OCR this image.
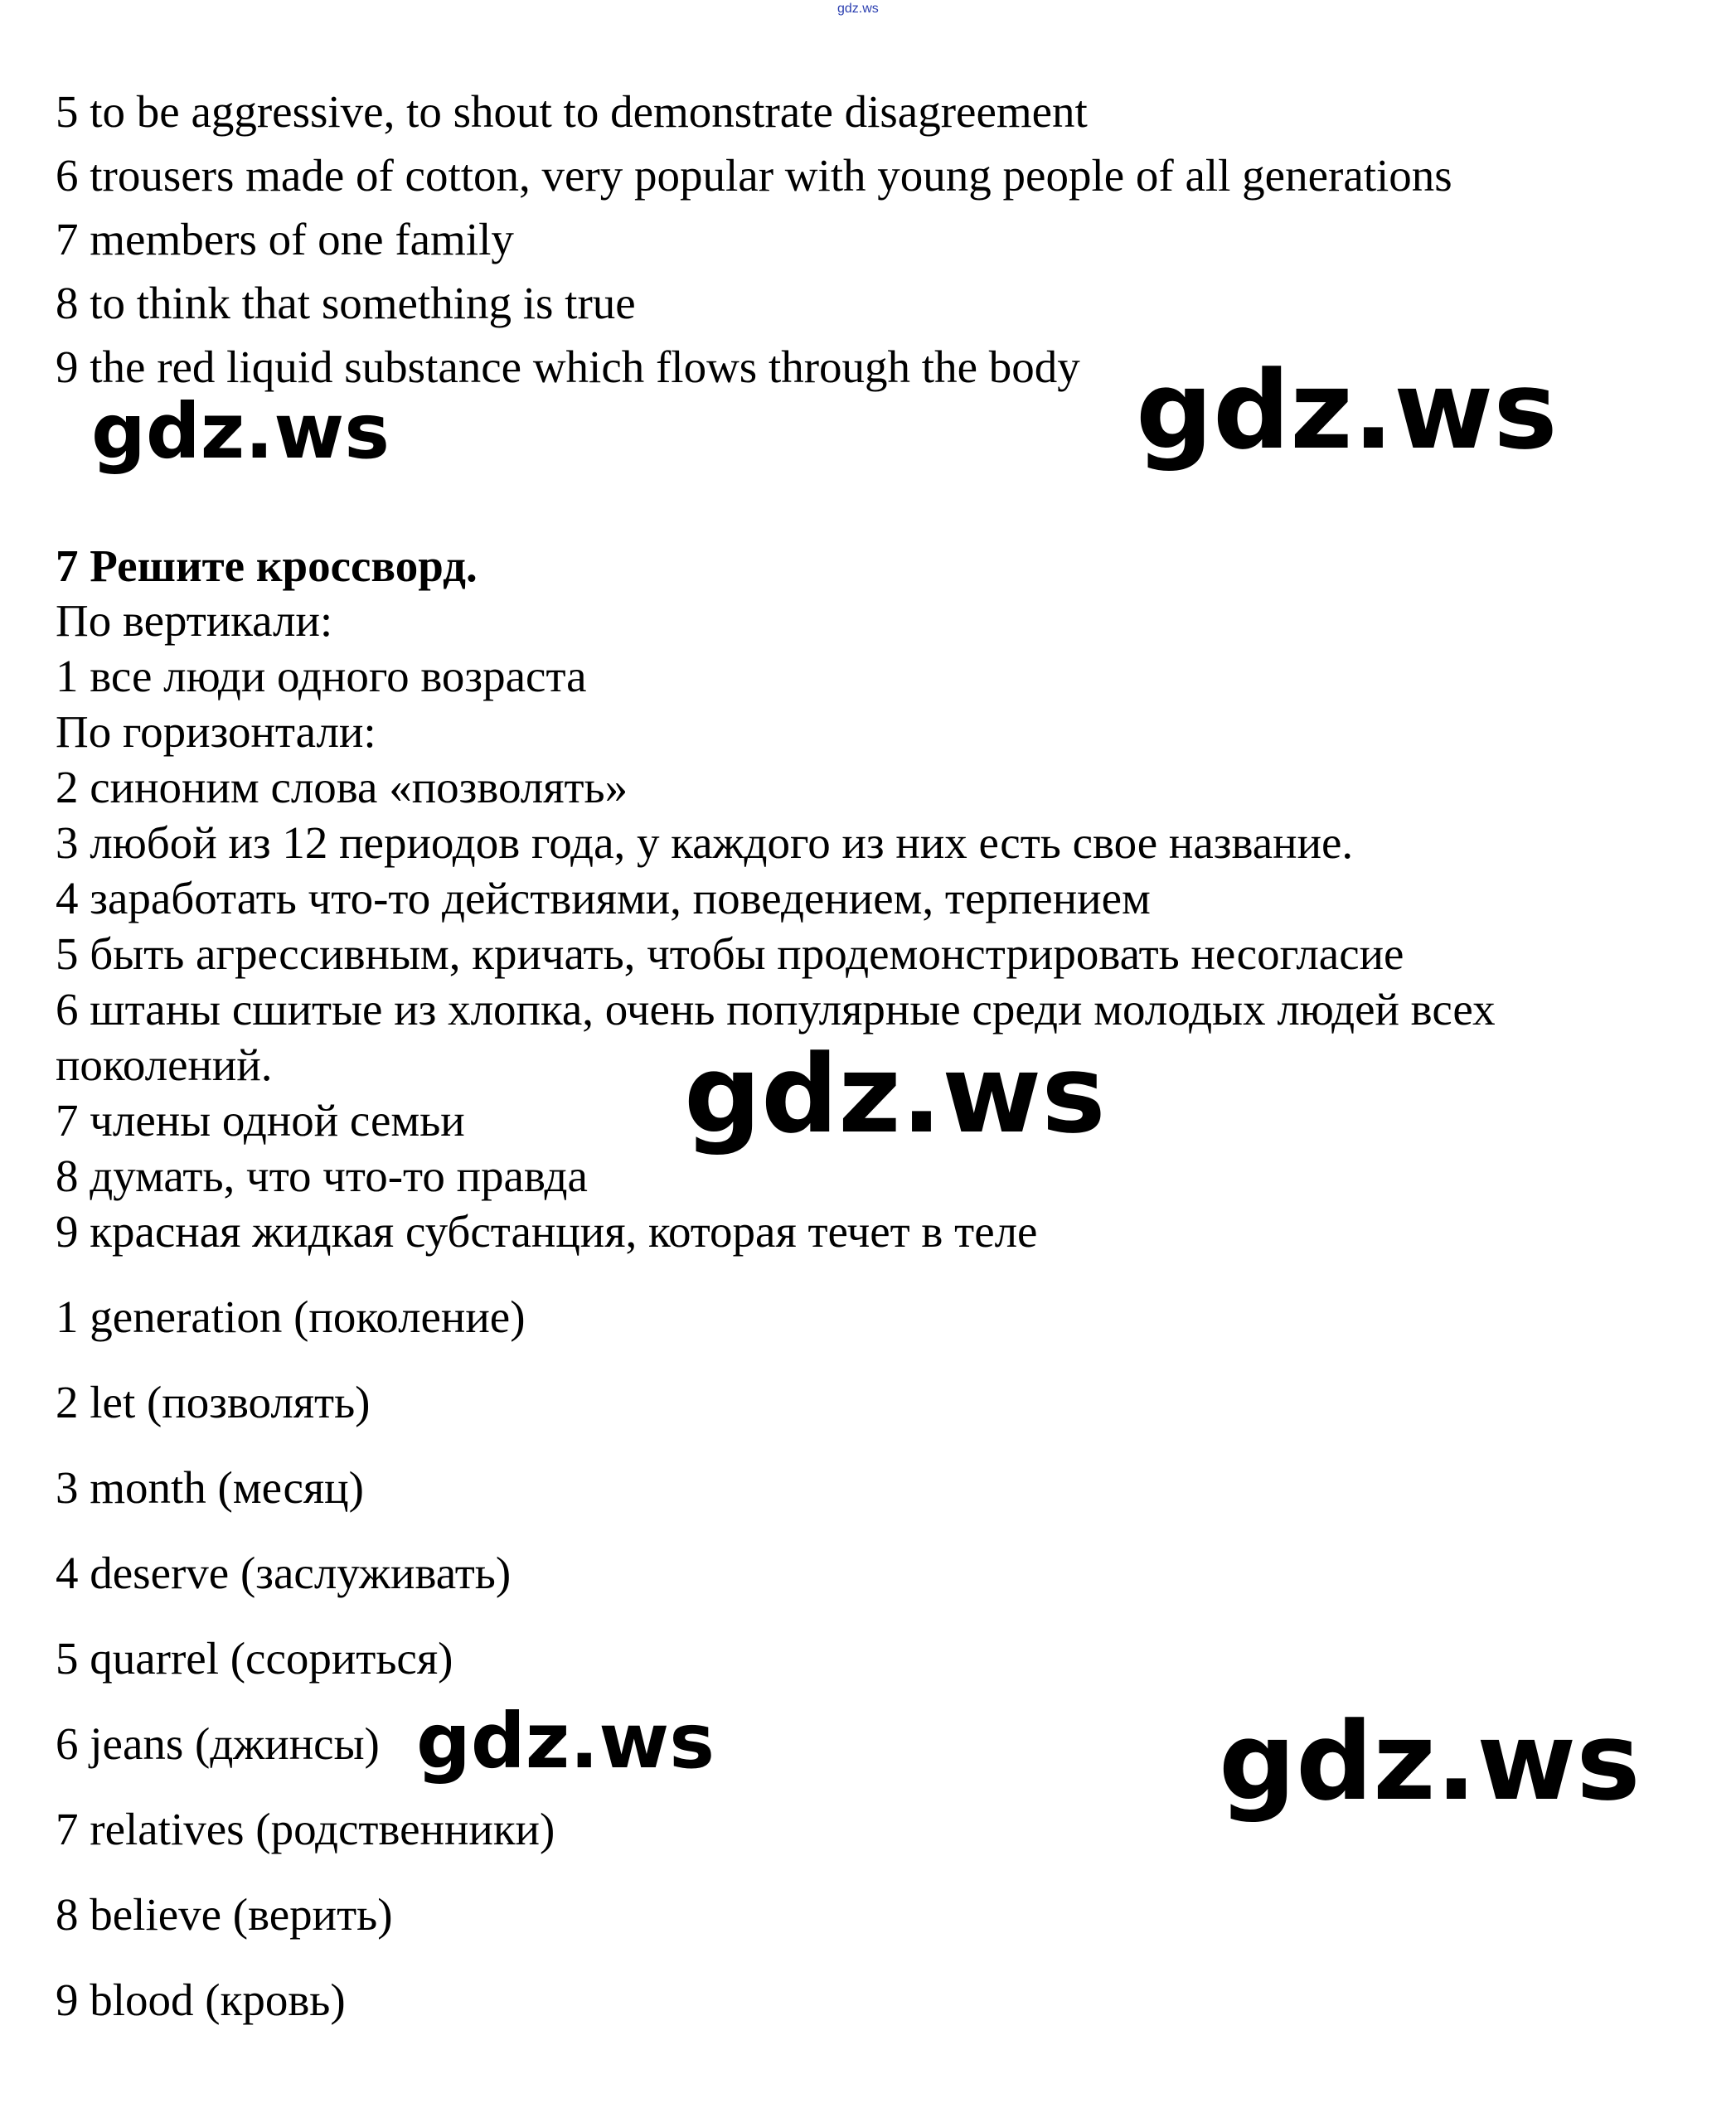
gdz.ws
5 to be aggressive, to shout to demonstrate disagreement
6 trousers made of cotton, very popular with young people of all generations
7 members of one family
8 to think that something is true
9 the red liquid substance which flows through the body
7 Решите кроссворд.
По вертикали:
1 все люди одного возраста
По горизонтали:
2 синоним слова «позволять»
3 любой из 12 периодов года, у каждого из них есть свое название.
4 заработать что-то действиями, поведением, терпением
5 быть агрессивным, кричать, чтобы продемонстрировать несогласие
6 штаны сшитые из хлопка, очень популярные среди молодых людей всех
поколений.
7 члены одной семьи
8 думать, что что-то правда
9 красная жидкая субстанция, которая течет в теле
1 generation (поколение)
2 let (позволять)
3 month (месяц)
4 deserve (заслуживать)
5 quarrel (ссориться)
6 jeans (джинсы)
7 relatives (родственники)
8 believe (верить)
9 blood (кровь)
gdz.ws	gdz.ws
gdz.ws
gdz.ws	gdz.ws
